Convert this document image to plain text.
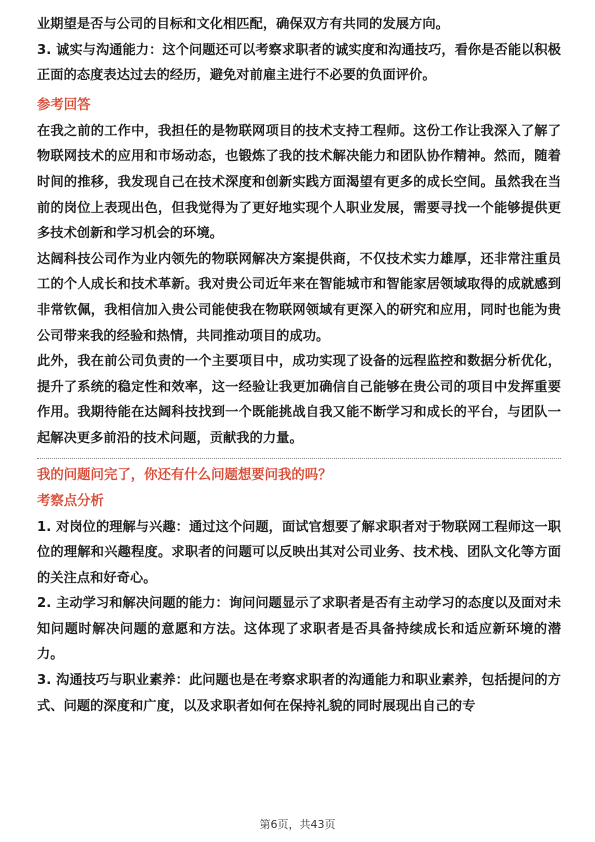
业期望是否与公司的目标和文化相匹配，确保双方有共同的发展方向。

3. 诚实与沟通能力：这个问题还可以考察求职者的诚实度和沟通技巧，看你是否能以积极正面的态度表达过去的经历，避免对前雇主进行不必要的负面评价。

参考回答

在我之前的工作中，我担任的是物联网项目的技术支持工程师。这份工作让我深入了解了物联网技术的应用和市场动态，也锻炼了我的技术解决能力和团队协作精神。然而，随着时间的推移，我发现自己在技术深度和创新实践方面渴望有更多的成长空间。虽然我在当前的岗位上表现出色，但我觉得为了更好地实现个人职业发展，需要寻找一个能够提供更多技术创新和学习机会的环境。

达阔科技公司作为业内领先的物联网解决方案提供商，不仅技术实力雄厚，还非常注重员工的个人成长和技术革新。我对贵公司近年来在智能城市和智能家居领域取得的成就感到非常钦佩，我相信加入贵公司能使我在物联网领域有更深入的研究和应用，同时也能为贵公司带来我的经验和热情，共同推动项目的成功。

此外，我在前公司负责的一个主要项目中，成功实现了设备的远程监控和数据分析优化，提升了系统的稳定性和效率，这一经验让我更加确信自己能够在贵公司的项目中发挥重要作用。我期待能在达阔科技找到一个既能挑战自我又能不断学习和成长的平台，与团队一起解决更多前沿的技术问题，贡献我的力量。

我的问题问完了，你还有什么问题想要问我的吗？
考察点分析

1. 对岗位的理解与兴趣：通过这个问题，面试官想要了解求职者对于物联网工程师这一职位的理解和兴趣程度。求职者的问题可以反映出其对公司业务、技术栈、团队文化等方面的关注点和好奇心。

2. 主动学习和解决问题的能力：询问问题显示了求职者是否有主动学习的态度以及面对未知问题时解决问题的意愿和方法。这体现了求职者是否具备持续成长和适应新环境的潜力。

3. 沟通技巧与职业素养：此问题也是在考察求职者的沟通能力和职业素养，包括提问的方式、问题的深度和广度，以及求职者如何在保持礼貌的同时展现出自己的专

第6页，共43页
